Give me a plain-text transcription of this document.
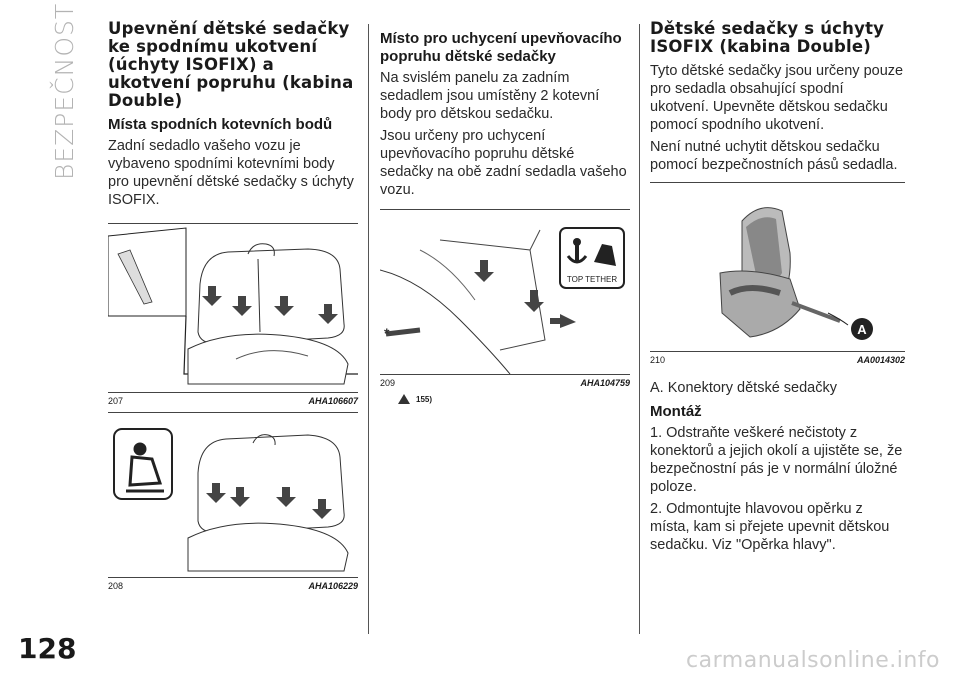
BEZPEČNOST
128
Upevnění dětské sedačky ke spodnímu ukotvení (úchyty ISOFIX) a ukotvení popruhu (kabina Double)
Místa spodních kotevních bodů

Zadní sedadlo vašeho vozu je vybaveno spodními kotevními body pro upevnění dětské sedačky s úchyty ISOFIX.

207	AHA106607
208	AHA106229
Místo pro uchycení upevňovacího popruhu dětské sedačky

Na svislém panelu za zadním sedadlem jsou umístěny 2 kotevní body pro dětskou sedačku.

Jsou určeny pro uchycení upevňovacího popruhu dětské sedačky na obě zadní sedadla vašeho vozu.

TOP TETHER
*
209	AHA104759
155)
Dětské sedačky s úchyty ISOFIX (kabina Double)

Tyto dětské sedačky jsou určeny pouze pro sedadla obsahující spodní ukotvení. Upevněte dětskou sedačku pomocí spodního ukotvení.

Není nutné uchytit dětskou sedačku pomocí bezpečnostních pásů sedadla.

A
210	AA0014302

A. Konektory dětské sedačky

Montáž

1. Odstraňte veškeré nečistoty z konektorů a jejich okolí a ujistěte se, že bezpečnostní pás je v normální úložné poloze.

2. Odmontujte hlavovou opěrku z místa, kam si přejete upevnit dětskou sedačku. Viz "Opěrka hlavy".

carmanualsonline.info
